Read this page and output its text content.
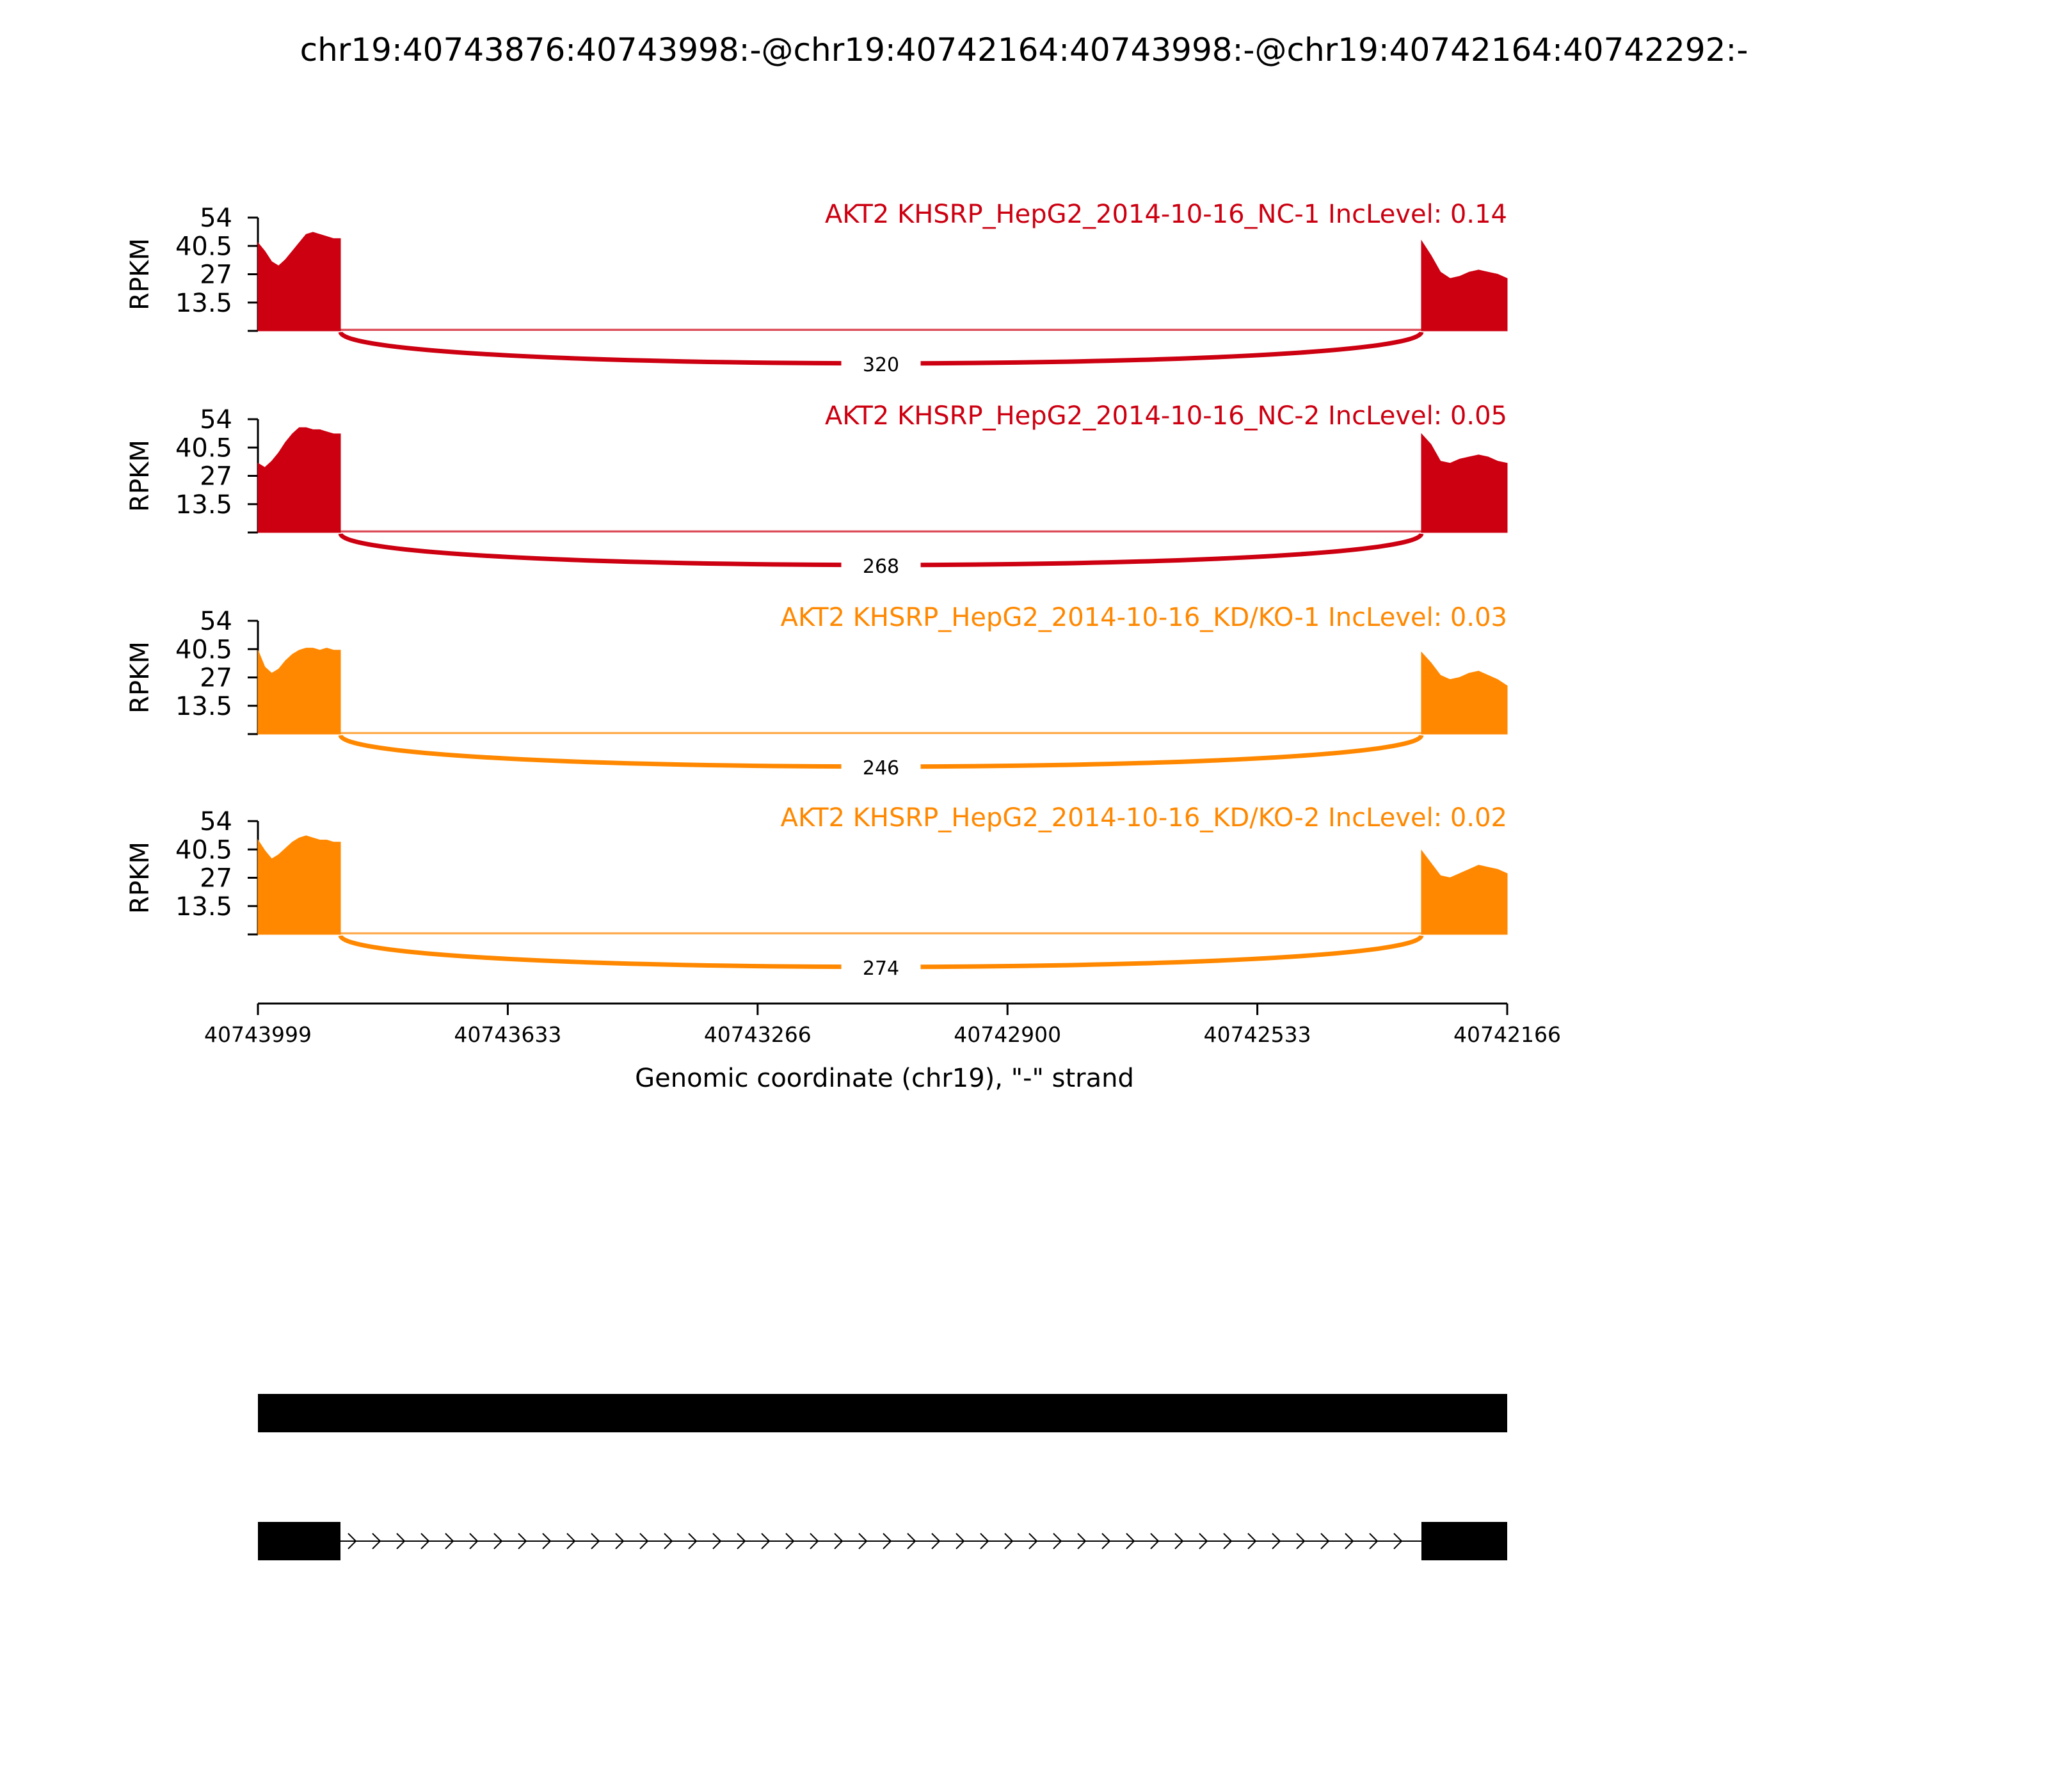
chr19:40743876:40743998:-@chr19:40742164:40743998:-@chr19:40742164:40742292:-
54
40.5
27
13.5
RPKM
AKT2 KHSRP_HepG2_2014-10-16_NC-1 IncLevel: 0.14
320
54
40.5
27
13.5
RPKM
AKT2 KHSRP_HepG2_2014-10-16_NC-2 IncLevel: 0.05
268
54
40.5
27
13.5
RPKM
AKT2 KHSRP_HepG2_2014-10-16_KD/KO-1 IncLevel: 0.03
246
54
40.5
27
13.5
RPKM
AKT2 KHSRP_HepG2_2014-10-16_KD/KO-2 IncLevel: 0.02
274
40743999	40743633	40743266	40742900	40742533	40742166
Genomic coordinate (chr19), "-" strand
